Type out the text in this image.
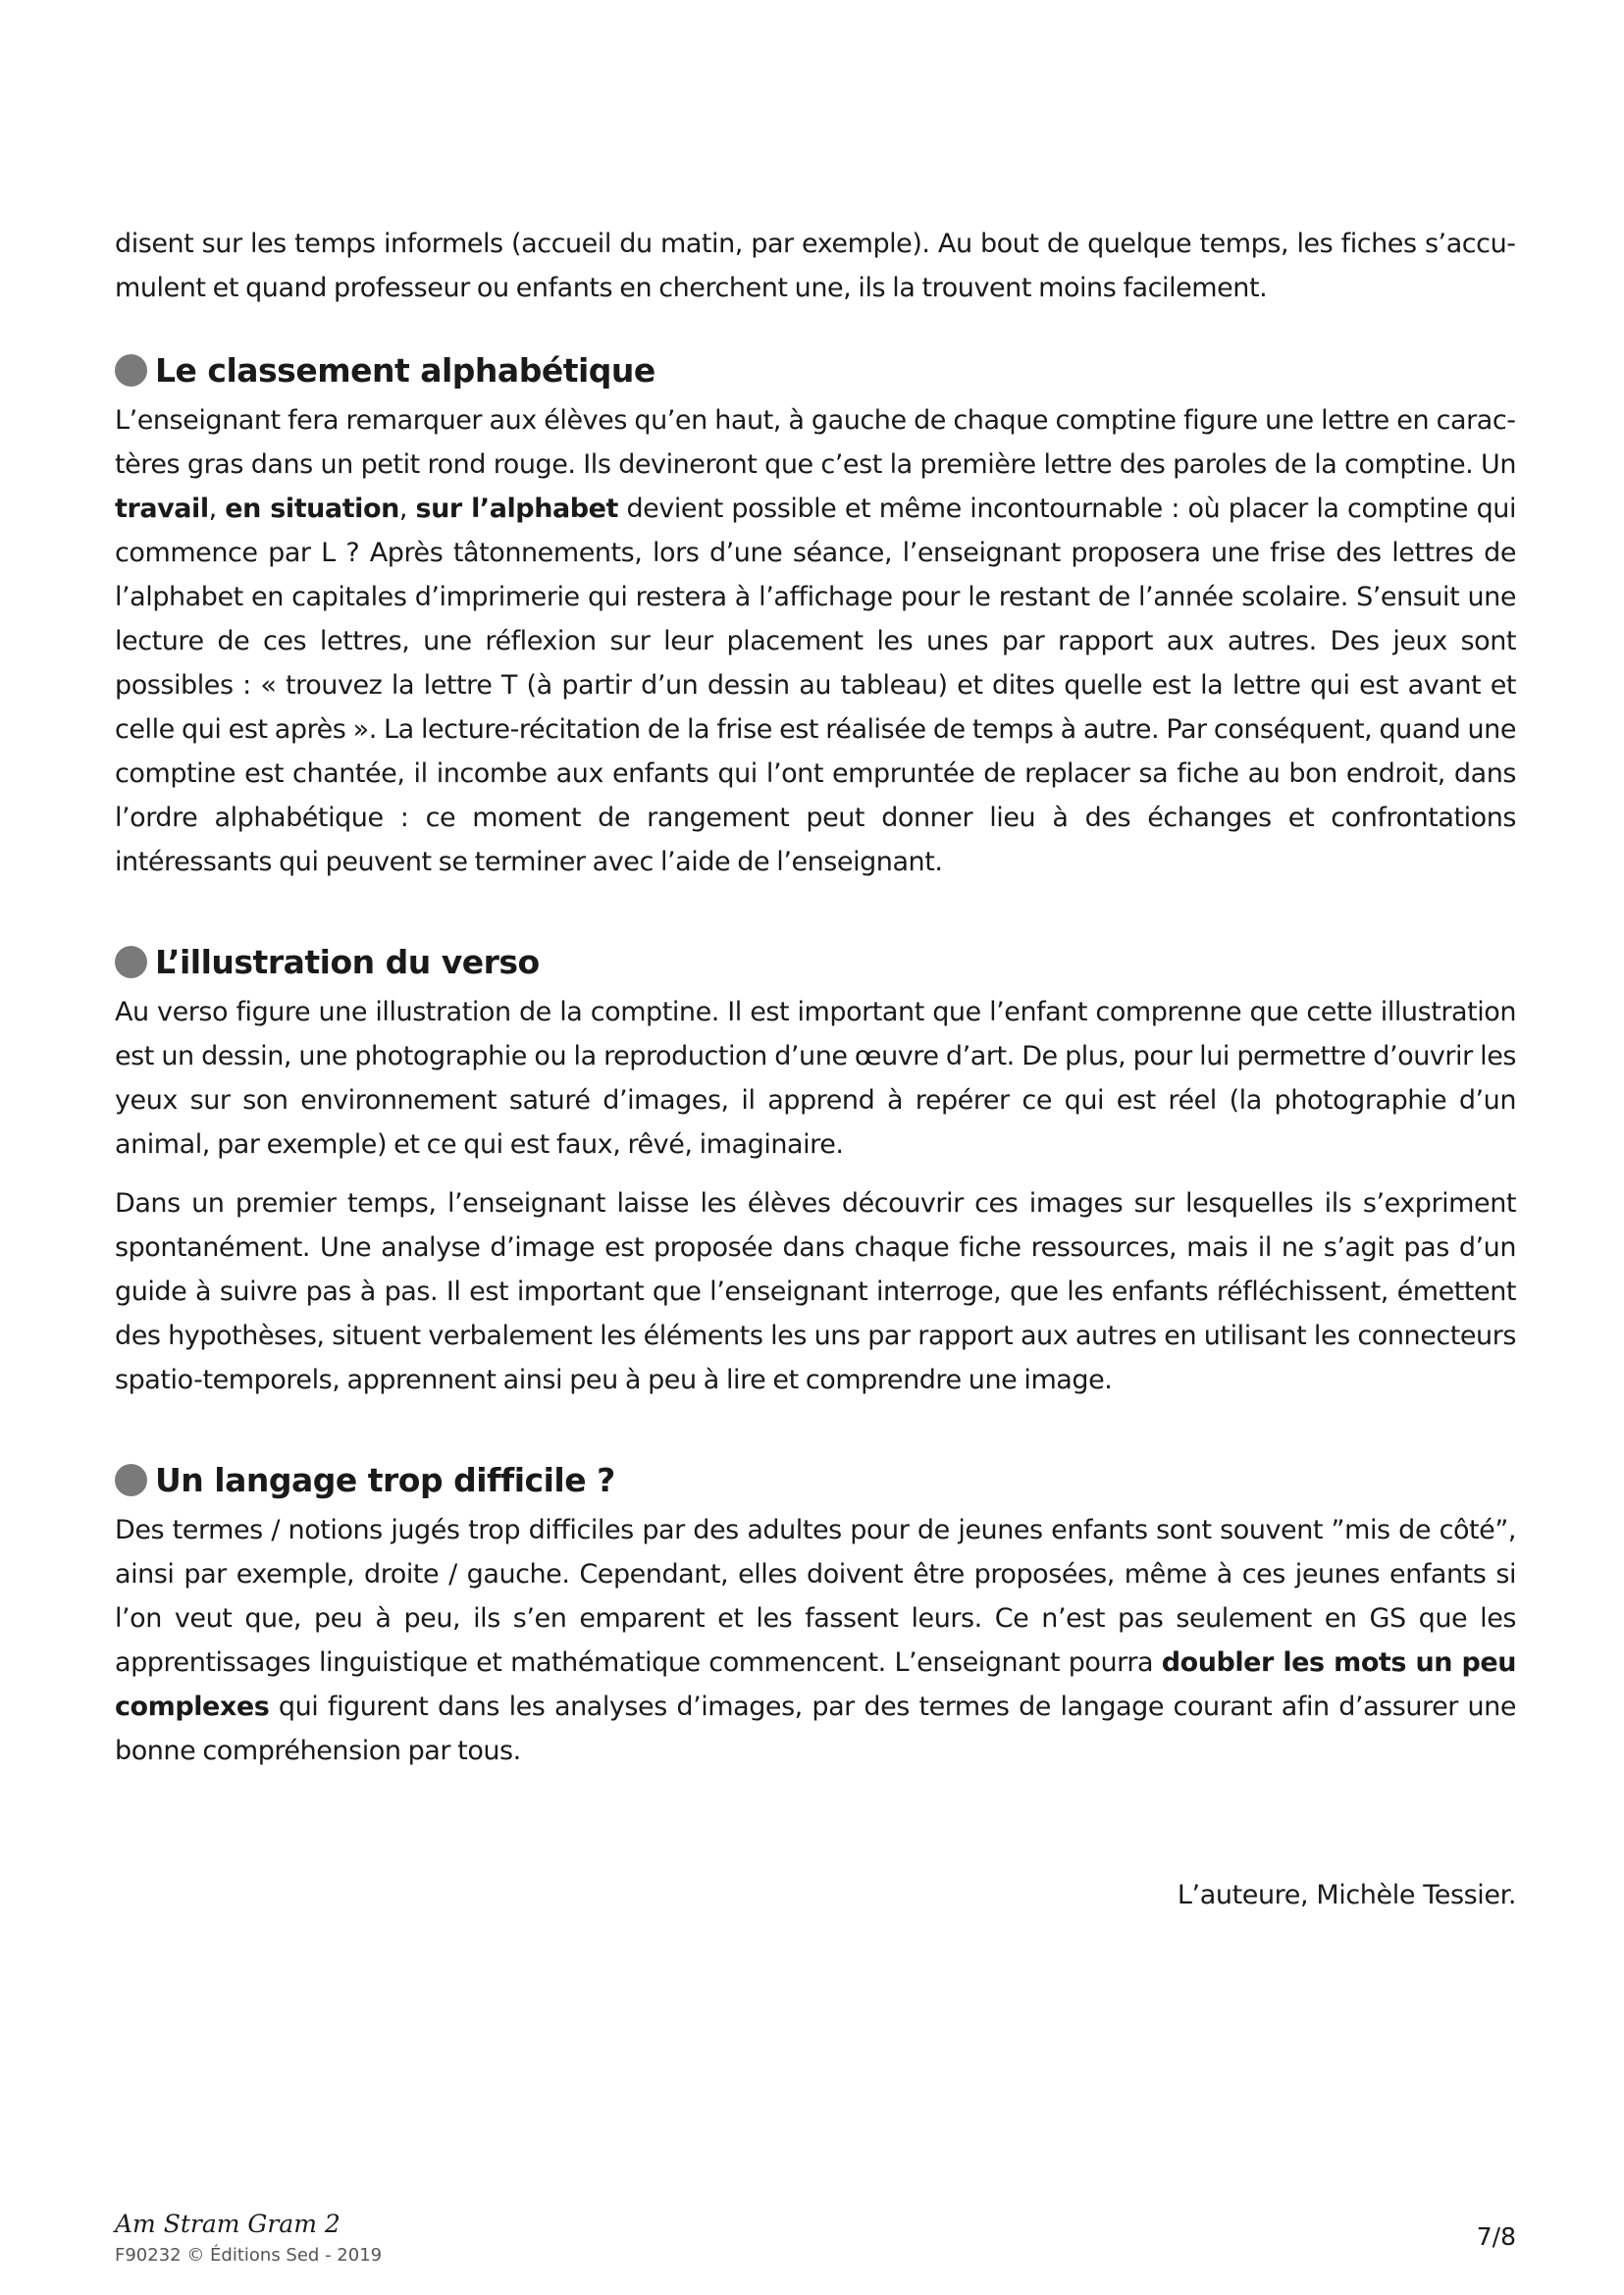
disent sur les temps informels (accueil du matin, par exemple). Au bout de quelque temps, les fiches s’accumulent et quand professeur ou enfants en cherchent une, ils la trouvent moins facilement.

Le classement alphabétique

L’enseignant fera remarquer aux élèves qu’en haut, à gauche de chaque comptine figure une lettre en caractères gras dans un petit rond rouge. Ils devineront que c’est la première lettre des paroles de la comptine. Un travail, en situation, sur l’alphabet devient possible et même incontournable : où placer la comptine qui commence par L ? Après tâtonnements, lors d’une séance, l’enseignant proposera une frise des lettres de l’alphabet en capitales d’imprimerie qui restera à l’affichage pour le restant de l’année scolaire. S’ensuit une lecture de ces lettres, une réflexion sur leur placement les unes par rapport aux autres. Des jeux sont possibles : « trouvez la lettre T (à partir d’un dessin au tableau) et dites quelle est la lettre qui est avant et celle qui est après ». La lecture-récitation de la frise est réalisée de temps à autre. Par conséquent, quand une comptine est chantée, il incombe aux enfants qui l’ont empruntée de replacer sa fiche au bon endroit, dans l’ordre alphabétique : ce moment de rangement peut donner lieu à des échanges et confrontations intéressants qui peuvent se terminer avec l’aide de l’enseignant.

L’illustration du verso

Au verso figure une illustration de la comptine. Il est important que l’enfant comprenne que cette illustration est un dessin, une photographie ou la reproduction d’une œuvre d’art. De plus, pour lui permettre d’ouvrir les yeux sur son environnement saturé d’images, il apprend à repérer ce qui est réel (la photographie d’un animal, par exemple) et ce qui est faux, rêvé, imaginaire.

Dans un premier temps, l’enseignant laisse les élèves découvrir ces images sur lesquelles ils s’expriment spontanément. Une analyse d’image est proposée dans chaque fiche ressources, mais il ne s’agit pas d’un guide à suivre pas à pas. Il est important que l’enseignant interroge, que les enfants réfléchissent, émettent des hypothèses, situent verbalement les éléments les uns par rapport aux autres en utilisant les connecteurs spatio-temporels, apprennent ainsi peu à peu à lire et comprendre une image.

Un langage trop difficile ?

Des termes / notions jugés trop difficiles par des adultes pour de jeunes enfants sont souvent ”mis de côté”, ainsi par exemple, droite / gauche. Cependant, elles doivent être proposées, même à ces jeunes enfants si l’on veut que, peu à peu, ils s’en emparent et les fassent leurs. Ce n’est pas seulement en GS que les apprentissages linguistique et mathématique commencent. L’enseignant pourra doubler les mots un peu complexes qui figurent dans les analyses d’images, par des termes de langage courant afin d’assurer une bonne compréhension par tous.

L’auteure, Michèle Tessier.
Am Stram Gram 2
F90232 © Éditions Sed - 2019
7/8
